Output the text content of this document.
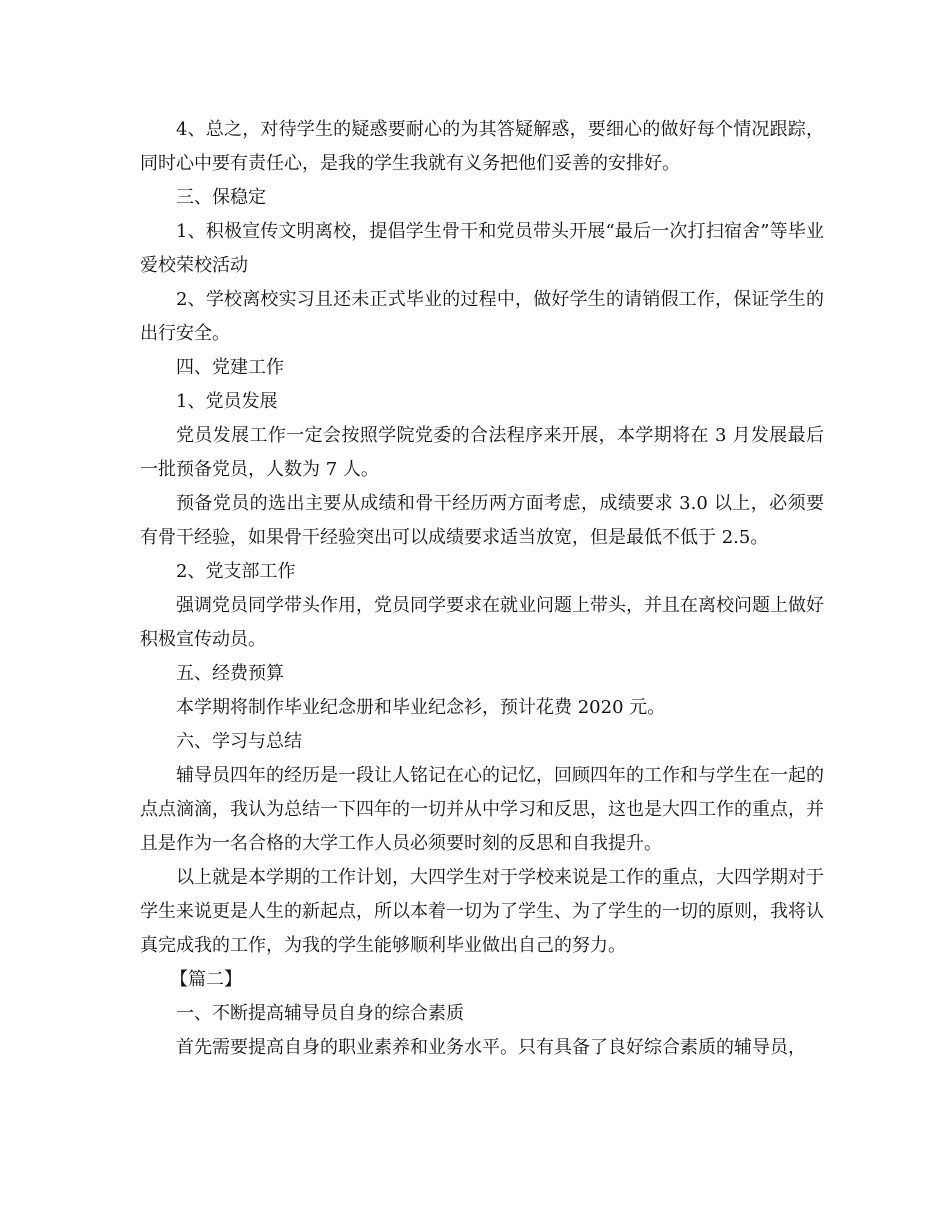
4、总之，对待学生的疑惑要耐心的为其答疑解惑，要细心的做好每个情况跟踪，同时心中要有责任心，是我的学生我就有义务把他们妥善的安排好。

三、保稳定

1、积极宣传文明离校，提倡学生骨干和党员带头开展“最后一次打扫宿舍”等毕业爱校荣校活动

2、学校离校实习且还未正式毕业的过程中，做好学生的请销假工作，保证学生的出行安全。

四、党建工作

1、党员发展

党员发展工作一定会按照学院党委的合法程序来开展，本学期将在 3 月发展最后一批预备党员，人数为 7 人。

预备党员的选出主要从成绩和骨干经历两方面考虑，成绩要求 3.0 以上，必须要有骨干经验，如果骨干经验突出可以成绩要求适当放宽，但是最低不低于 2.5。

2、党支部工作

强调党员同学带头作用，党员同学要求在就业问题上带头，并且在离校问题上做好积极宣传动员。

五、经费预算

本学期将制作毕业纪念册和毕业纪念衫，预计花费 2020 元。

六、学习与总结

辅导员四年的经历是一段让人铭记在心的记忆，回顾四年的工作和与学生在一起的点点滴滴，我认为总结一下四年的一切并从中学习和反思，这也是大四工作的重点，并且是作为一名合格的大学工作人员必须要时刻的反思和自我提升。

以上就是本学期的工作计划，大四学生对于学校来说是工作的重点，大四学期对于学生来说更是人生的新起点，所以本着一切为了学生、为了学生的一切的原则，我将认真完成我的工作，为我的学生能够顺利毕业做出自己的努力。

【篇二】

一、不断提高辅导员自身的综合素质

首先需要提高自身的职业素养和业务水平。只有具备了良好综合素质的辅导员，
